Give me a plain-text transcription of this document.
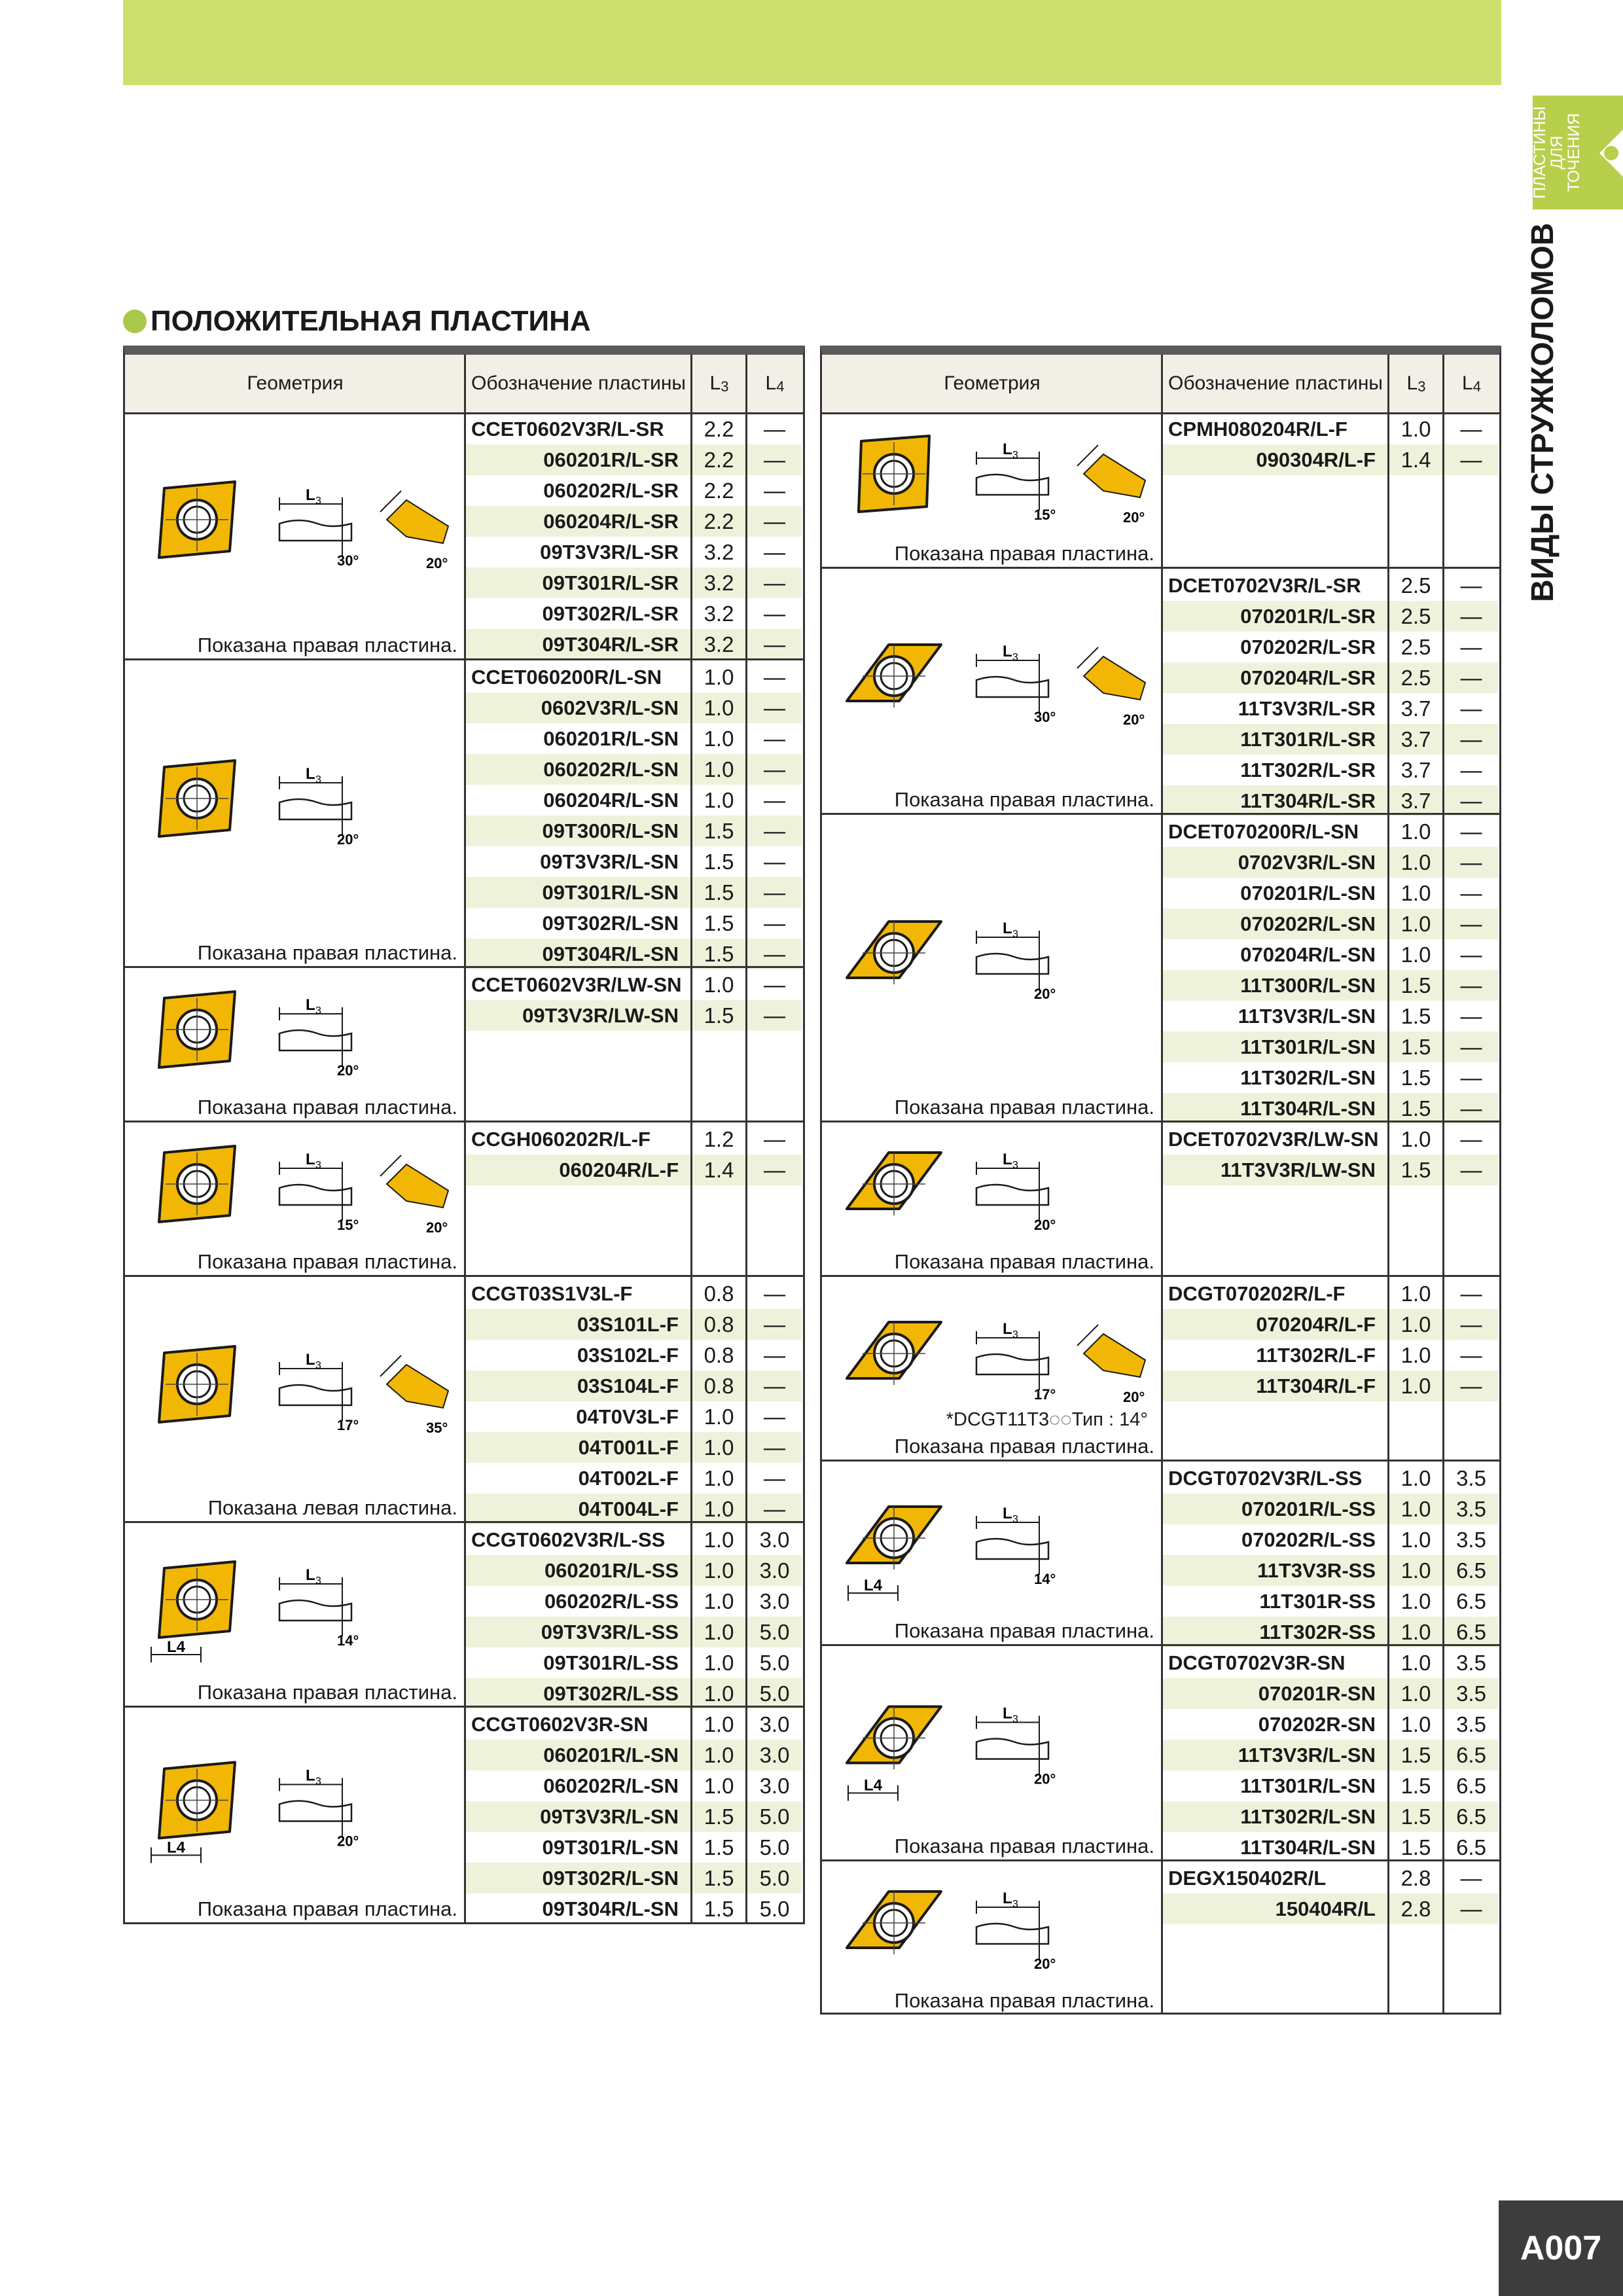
ПЛАСТИНЫ
ДЛЯ ТОЧЕНИЯ
ВИДЫ СТРУЖКОЛОМОВ
ПОЛОЖИТЕЛЬНАЯ ПЛАСТИНА
Геометрия	Обозначение пластины L 3 L 4
L 3
30°	20°
Показана правая пластина.
CCET0602V3R/L-SR	2.2	—
060201R/L-SR	2.2	—
060202R/L-SR	2.2	—
060204R/L-SR	2.2	—
09T3V3R/L-SR	3.2	—
09T301R/L-SR	3.2	—
09T302R/L-SR	3.2	—
09T304R/L-SR	3.2	—
L 3
20°
Показана правая пластина.
CCET060200R/L-SN	1.0	—
0602V3R/L-SN	1.0	—
060201R/L-SN	1.0	—
060202R/L-SN	1.0	—
060204R/L-SN	1.0	—
09T300R/L-SN	1.5	—
09T3V3R/L-SN	1.5	—
09T301R/L-SN	1.5	—
09T302R/L-SN	1.5	—
09T304R/L-SN	1.5	—
L 3
20°
Показана правая пластина.
CCET0602V3R/LW-SN	1.0	—
09T3V3R/LW-SN	1.5	—
L 3
15°	20°
Показана правая пластина.
CCGH060202R/L-F	1.2	—
060204R/L-F	1.4	—
L 3
17°	35°
Показана левая пластина.
CCGT03S1V3L-F	0.8	—
03S101L-F	0.8	—
03S102L-F	0.8	—
03S104L-F	0.8	—
04T0V3L-F	1.0	—
04T001L-F	1.0	—
04T002L-F	1.0	—
04T004L-F	1.0	—
L 3
14°
L4
Показана правая пластина.
CCGT0602V3R/L-SS	1.0	3.0
060201R/L-SS	1.0	3.0
060202R/L-SS	1.0	3.0
09T3V3R/L-SS	1.0	5.0
09T301R/L-SS	1.0	5.0
09T302R/L-SS	1.0	5.0
L 3
20°
L4
Показана правая пластина.
CCGT0602V3R-SN	1.0	3.0
060201R/L-SN	1.0	3.0
060202R/L-SN	1.0	3.0
09T3V3R/L-SN	1.5	5.0
09T301R/L-SN	1.5	5.0
09T302R/L-SN	1.5	5.0
09T304R/L-SN	1.5	5.0
Геометрия	Обозначение пластины L 3 L 4
L 3
15°	20°
Показана правая пластина.
CPMH080204R/L-F	1.0	—
090304R/L-F	1.4	—
L 3
30°	20°
Показана правая пластина.
DCET0702V3R/L-SR	2.5	—
070201R/L-SR	2.5	—
070202R/L-SR	2.5	—
070204R/L-SR	2.5	—
11T3V3R/L-SR	3.7	—
11T301R/L-SR	3.7	—
11T302R/L-SR	3.7	—
11T304R/L-SR	3.7	—
L 3
20°
Показана правая пластина.
DCET070200R/L-SN	1.0	—
0702V3R/L-SN	1.0	—
070201R/L-SN	1.0	—
070202R/L-SN	1.0	—
070204R/L-SN	1.0	—
11T300R/L-SN	1.5	—
11T3V3R/L-SN	1.5	—
11T301R/L-SN	1.5	—
11T302R/L-SN	1.5	—
11T304R/L-SN	1.5	—
L 3
20°
Показана правая пластина.
DCET0702V3R/LW-SN	1.0	—
11T3V3R/LW-SN	1.5	—
L 3
17°	20°
Показана правая пластина.
*DCGT11T3◌◌Тип : 14°
DCGT070202R/L-F	1.0	—
070204R/L-F	1.0	—
11T302R/L-F	1.0	—
11T304R/L-F	1.0	—
L 3
14°
L4
Показана правая пластина.
DCGT0702V3R/L-SS	1.0	3.5
070201R/L-SS	1.0	3.5
070202R/L-SS	1.0	3.5
11T3V3R-SS	1.0	6.5
11T301R-SS	1.0	6.5
11T302R-SS	1.0	6.5
L 3
20°
L4
Показана правая пластина.
DCGT0702V3R-SN	1.0	3.5
070201R-SN	1.0	3.5
070202R-SN	1.0	3.5
11T3V3R/L-SN	1.5	6.5
11T301R/L-SN	1.5	6.5
11T302R/L-SN	1.5	6.5
11T304R/L-SN	1.5	6.5
L 3
20°
Показана правая пластина.
DEGX150402R/L	2.8	—
150404R/L	2.8	—
A007
